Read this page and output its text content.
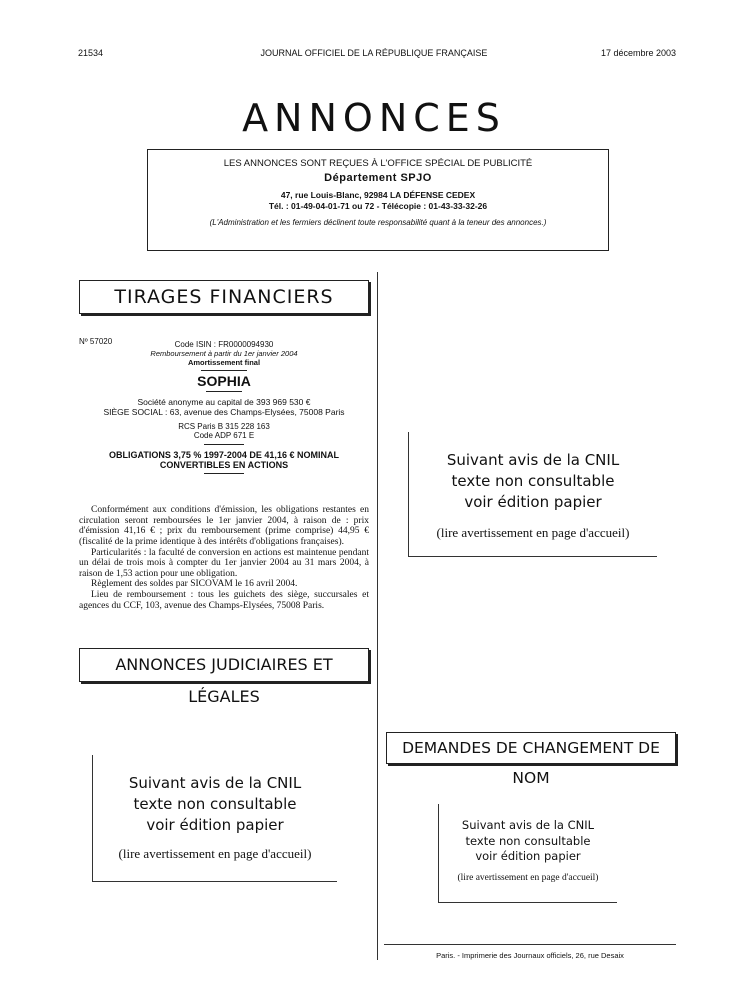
21534	JOURNAL OFFICIEL DE LA RÉPUBLIQUE FRANÇAISE	17 décembre 2003
ANNONCES
LES ANNONCES SONT REÇUES À L'OFFICE SPÉCIAL DE PUBLICITÉ
Département SPJO
47, rue Louis-Blanc, 92984 LA DÉFENSE CEDEX
Tél. : 01-49-04-01-71 ou 72 - Télécopie : 01-43-33-32-26
(L'Administration et les fermiers déclinent toute responsabilité quant à la teneur des annonces.)
TIRAGES FINANCIERS
Nº 57020	Code ISIN : FR0000094930
Remboursement à partir du 1er janvier 2004
Amortissement final
SOPHIA
Société anonyme au capital de 393 969 530 €
SIÈGE SOCIAL : 63, avenue des Champs-Elysées, 75008 Paris
RCS Paris B 315 228 163
Code ADP 671 E
OBLIGATIONS 3,75 % 1997-2004 DE 41,16 € NOMINAL
CONVERTIBLES EN ACTIONS

Conformément aux conditions d'émission, les obligations restantes en circulation seront remboursées le 1er janvier 2004, à raison de : prix d'émission 41,16 € ; prix du remboursement (prime comprise) 44,95 € (fiscalité de la prime identique à des intérêts d'obligations françaises).

Particularités : la faculté de conversion en actions est maintenue pendant un délai de trois mois à compter du 1er janvier 2004 au 31 mars 2004, à raison de 1,53 action pour une obligation.

Règlement des soldes par SICOVAM le 16 avril 2004.

Lieu de remboursement : tous les guichets des siège, succursales et agences du CCF, 103, avenue des Champs-Elysées, 75008 Paris.

ANNONCES JUDICIAIRES ET LÉGALES
Suivant avis de la CNIL
texte non consultable
voir édition papier
(lire avertissement en page d'accueil)
Suivant avis de la CNIL
texte non consultable
voir édition papier
(lire avertissement en page d'accueil)
DEMANDES DE CHANGEMENT DE NOM
Suivant avis de la CNIL
texte non consultable
voir édition papier
(lire avertissement en page d'accueil)
Paris. - Imprimerie des Journaux officiels, 26, rue Desaix
